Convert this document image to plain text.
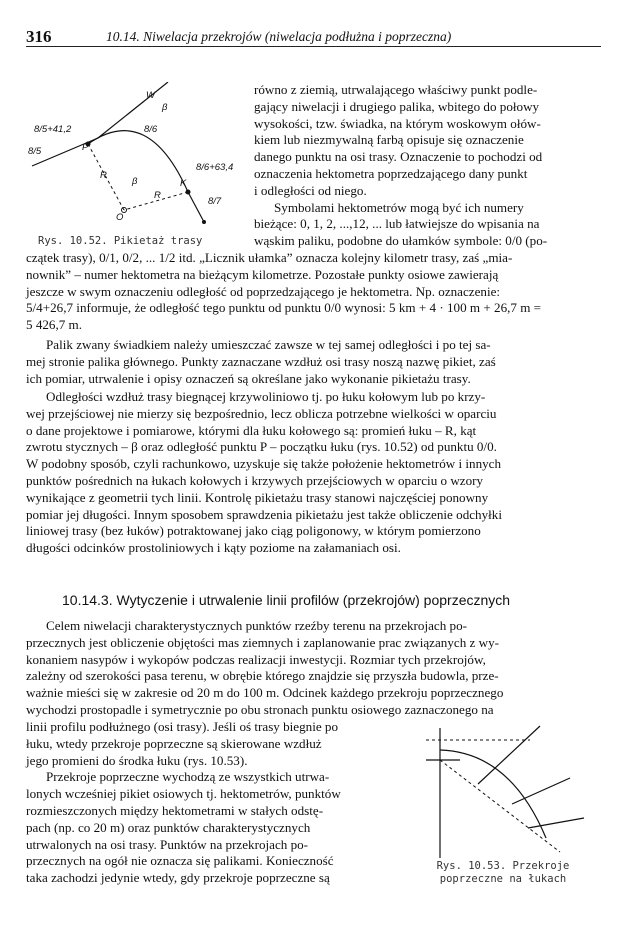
316	10.14. Niwelacja przekrojów (niwelacja podłużna i poprzeczna)
W
β
8/5+41,2	8/6
8/5	P
R
β
R
K
8/6+63,4
8/7
O
Rys. 10.52. Pikietaż trasy

równo z ziemią, utrwalającego właściwy punkt podle-

gający niwelacji i drugiego palika, wbitego do połowy

wysokości, tzw. świadka, na którym woskowym ołów-

kiem lub niezmywalną farbą opisuje się oznaczenie

danego punktu na osi trasy. Oznaczenie to pochodzi od

oznaczenia hektometra poprzedzającego dany punkt

i odległości od niego.

Symbolami hektometrów mogą być ich numery

bieżące: 0, 1, 2, ...,12, ... lub łatwiejsze do wpisania na

wąskim paliku, podobne do ułamków symbole: 0/0 (po-

czątek trasy), 0/1, 0/2, ... 1/2 itd. „Licznik ułamka” oznacza kolejny kilometr trasy, zaś „mia-

nownik” – numer hektometra na bieżącym kilometrze. Pozostałe punkty osiowe zawierają

jeszcze w swym oznaczeniu odległość od poprzedzającego je hektometra. Np. oznaczenie:

5/4+26,7 informuje, że odległość tego punktu od punktu 0/0 wynosi: 5 km + 4 · 100 m + 26,7 m =

5 426,7 m.

Palik zwany świadkiem należy umieszczać zawsze w tej samej odległości i po tej sa-

mej stronie palika głównego. Punkty zaznaczane wzdłuż osi trasy noszą nazwę pikiet, zaś

ich pomiar, utrwalenie i opisy oznaczeń są określane jako wykonanie pikietażu trasy.

Odległości wzdłuż trasy biegnącej krzywoliniowo tj. po łuku kołowym lub po krzy-

wej przejściowej nie mierzy się bezpośrednio, lecz oblicza potrzebne wielkości w oparciu

o dane projektowe i pomiarowe, którymi dla łuku kołowego są: promień łuku – R, kąt

zwrotu stycznych – β oraz odległość punktu P – początku łuku (rys. 10.52) od punktu 0/0.

W podobny sposób, czyli rachunkowo, uzyskuje się także położenie hektometrów i innych

punktów pośrednich na łukach kołowych i krzywych przejściowych w oparciu o wzory

wynikające z geometrii tych linii. Kontrolę pikietażu trasy stanowi najczęściej ponowny

pomiar jej długości. Innym sposobem sprawdzenia pikietażu jest także obliczenie odchyłki

liniowej trasy (bez łuków) potraktowanej jako ciąg poligonowy, w którym pomierzono

długości odcinków prostoliniowych i kąty poziome na załamaniach osi.

10.14.3. Wytyczenie i utrwalenie linii profilów (przekrojów) poprzecznych

Celem niwelacji charakterystycznych punktów rzeźby terenu na przekrojach po-

przecznych jest obliczenie objętości mas ziemnych i zaplanowanie prac związanych z wy-

konaniem nasypów i wykopów podczas realizacji inwestycji. Rozmiar tych przekrojów,

zależny od szerokości pasa terenu, w obrębie którego znajdzie się przyszła budowla, prze-

ważnie mieści się w zakresie od 20 m do 100 m. Odcinek każdego przekroju poprzecznego

wychodzi prostopadle i symetrycznie po obu stronach punktu osiowego zaznaczonego na

linii profilu podłużnego (osi trasy). Jeśli oś trasy biegnie po

łuku, wtedy przekroje poprzeczne są skierowane wzdłuż

jego promieni do środka łuku (rys. 10.53).

Przekroje poprzeczne wychodzą ze wszystkich utrwa-

lonych wcześniej pikiet osiowych tj. hektometrów, punktów

rozmieszczonych między hektometrami w stałych odstę-

pach (np. co 20 m) oraz punktów charakterystycznych

utrwalonych na osi trasy. Punktów na przekrojach po-

przecznych na ogół nie oznacza się palikami. Konieczność

taka zachodzi jedynie wtedy, gdy przekroje poprzeczne są

Rys. 10.53. Przekroje
poprzeczne na łukach
